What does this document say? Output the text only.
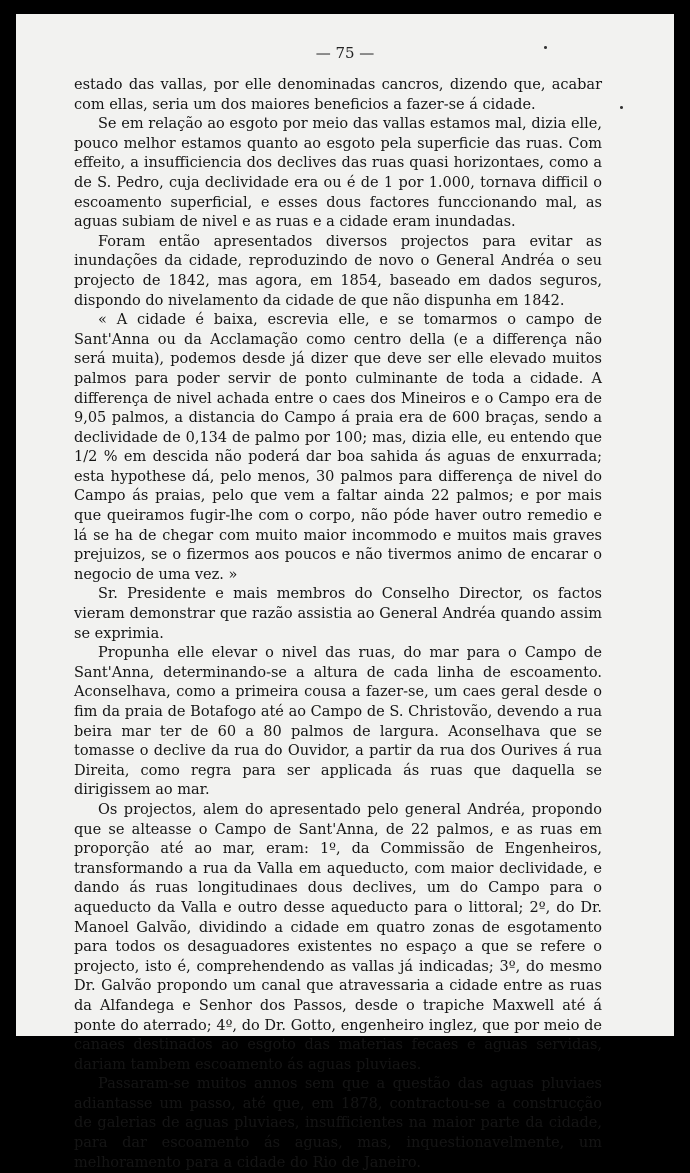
— 75 —

estado das vallas, por elle denominadas cancros, dizendo que, acabar com ellas, seria um dos maiores beneficios a fazer-se á cidade.

Se em relação ao esgoto por meio das vallas estamos mal, dizia elle, pouco melhor estamos quanto ao esgoto pela superficie das ruas. Com effeito, a insufficiencia dos declives das ruas quasi horizontaes, como a de S. Pedro, cuja declividade era ou é de 1 por 1.000, tornava difficil o escoamento superficial, e esses dous factores funccionando mal, as aguas subiam de nivel e as ruas e a cidade eram inundadas.

Foram então apresentados diversos projectos para evitar as inundações da cidade, reproduzindo de novo o General Andréa o seu projecto de 1842, mas agora, em 1854, baseado em dados seguros, dispondo do nivelamento da cidade de que não dispunha em 1842.

« A cidade é baixa, escrevia elle, e se tomarmos o campo de Sant'Anna ou da Acclamação como centro della (e a differença não será muita), podemos desde já dizer que deve ser elle elevado muitos palmos para poder servir de ponto culminante de toda a cidade. A differença de nivel achada entre o caes dos Mineiros e o Campo era de 9,05 palmos, a distancia do Campo á praia era de 600 braças, sendo a declividade de 0,134 de palmo por 100; mas, dizia elle, eu entendo que 1/2 % em descida não poderá dar boa sahida ás aguas de enxurrada; esta hypothese dá, pelo menos, 30 palmos para differença de nivel do Campo ás praias, pelo que vem a faltar ainda 22 palmos; e por mais que queiramos fugir-lhe com o corpo, não póde haver outro remedio e lá se ha de chegar com muito maior incommodo e muitos mais graves prejuizos, se o fizermos aos poucos e não tivermos animo de encarar o negocio de uma vez. »

Sr. Presidente e mais membros do Conselho Director, os factos vieram demonstrar que razão assistia ao General Andréa quando assim se exprimia.

Propunha elle elevar o nivel das ruas, do mar para o Campo de Sant'Anna, determinando-se a altura de cada linha de escoamento. Aconselhava, como a primeira cousa a fazer-se, um caes geral desde o fim da praia de Botafogo até ao Campo de S. Christovão, devendo a rua beira mar ter de 60 a 80 palmos de largura. Aconselhava que se tomasse o declive da rua do Ouvidor, a partir da rua dos Ourives á rua Direita, como regra para ser applicada ás ruas que daquella se dirigissem ao mar.

Os projectos, alem do apresentado pelo general Andréa, propondo que se alteasse o Campo de Sant'Anna, de 22 palmos, e as ruas em proporção até ao mar, eram: 1º, da Commissão de Engenheiros, transformando a rua da Valla em aqueducto, com maior declividade, e dando ás ruas longitudinaes dous declives, um do Campo para o aqueducto da Valla e outro desse aqueducto para o littoral; 2º, do Dr. Manoel Galvão, dividindo a cidade em quatro zonas de esgotamento para todos os desaguadores existentes no espaço a que se refere o projecto, isto é, comprehendendo as vallas já indicadas; 3º, do mesmo Dr. Galvão propondo um canal que atravessaria a cidade entre as ruas da Alfandega e Senhor dos Passos, desde o trapiche Maxwell até á ponte do aterrado; 4º, do Dr. Gotto, engenheiro inglez, que por meio de canaes destinados ao esgoto das materias fecaes e aguas servidas, dariam tambem escoamento ás aguas pluviaes.

Passaram-se muitos annos sem que a questão das aguas pluviaes adiantasse um passo, até que, em 1878, contractou-se a construcção de galerias de aguas pluviaes, insufficientes na maior parte da cidade, para dar escoamento ás aguas, mas, inquestionavelmente, um melhoramento para a cidade do Rio de Janeiro.
